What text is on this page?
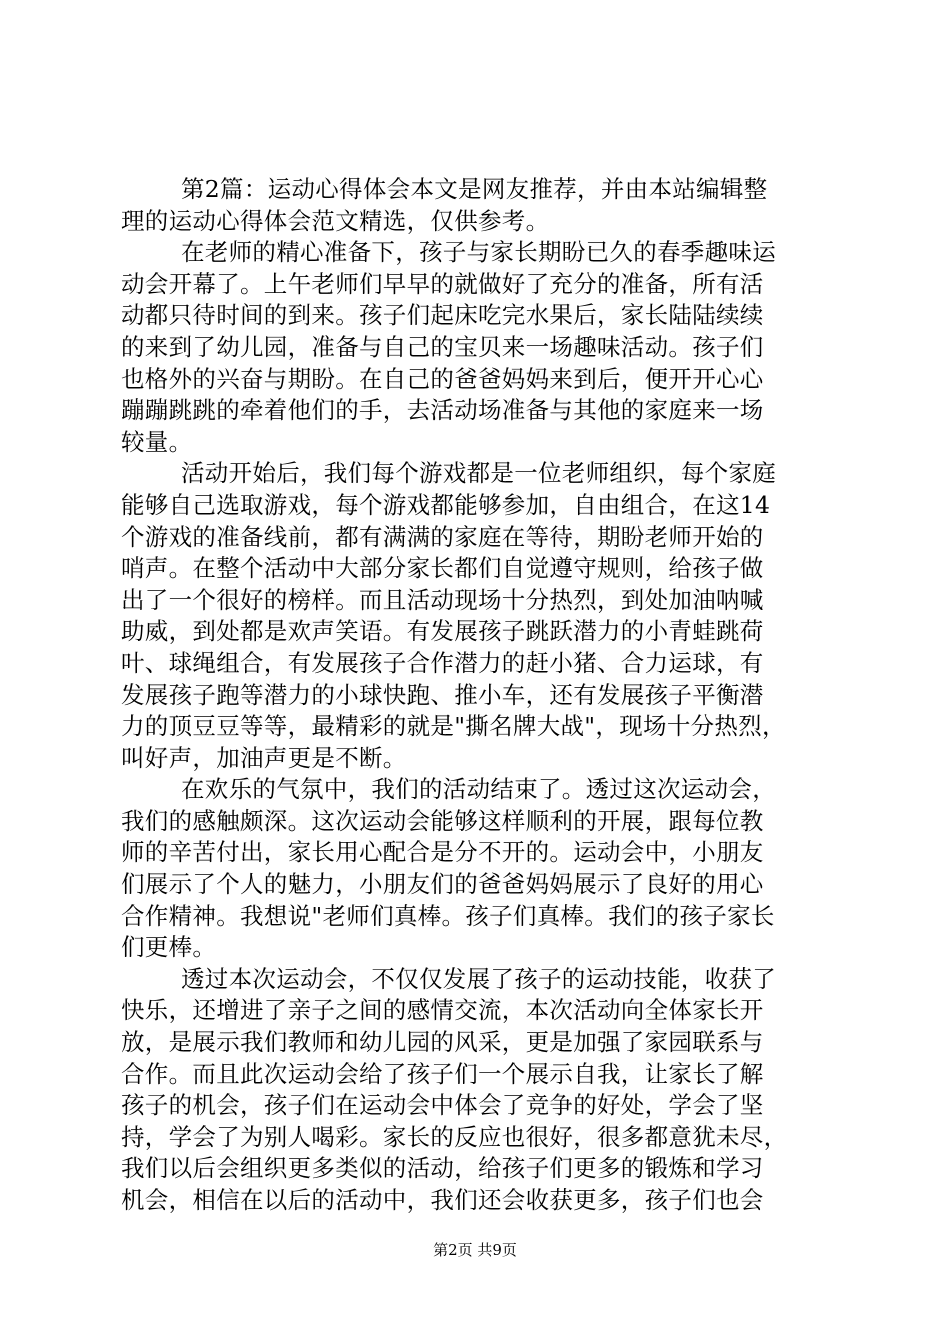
第2篇：运动心得体会本文是网友推荐，并由本站编辑整
理的运动心得体会范文精选，仅供参考。
在老师的精心准备下，孩子与家长期盼已久的春季趣味运
动会开幕了。上午老师们早早的就做好了充分的准备，所有活
动都只待时间的到来。孩子们起床吃完水果后，家长陆陆续续
的来到了幼儿园，准备与自己的宝贝来一场趣味活动。孩子们
也格外的兴奋与期盼。在自己的爸爸妈妈来到后，便开开心心
蹦蹦跳跳的牵着他们的手，去活动场准备与其他的家庭来一场
较量。
活动开始后，我们每个游戏都是一位老师组织，每个家庭
能够自己选取游戏，每个游戏都能够参加，自由组合，在这14
个游戏的准备线前，都有满满的家庭在等待，期盼老师开始的
哨声。在整个活动中大部分家长都们自觉遵守规则，给孩子做
出了一个很好的榜样。而且活动现场十分热烈，到处加油呐喊
助威，到处都是欢声笑语。有发展孩子跳跃潜力的小青蛙跳荷
叶、球绳组合，有发展孩子合作潜力的赶小猪、合力运球，有
发展孩子跑等潜力的小球快跑、推小车，还有发展孩子平衡潜
力的顶豆豆等等，最精彩的就是"撕名牌大战"，现场十分热烈，
叫好声，加油声更是不断。
在欢乐的气氛中，我们的活动结束了。透过这次运动会，
我们的感触颇深。这次运动会能够这样顺利的开展，跟每位教
师的辛苦付出，家长用心配合是分不开的。运动会中，小朋友
们展示了个人的魅力，小朋友们的爸爸妈妈展示了良好的用心
合作精神。我想说"老师们真棒。孩子们真棒。我们的孩子家长
们更棒。
透过本次运动会，不仅仅发展了孩子的运动技能，收获了
快乐，还增进了亲子之间的感情交流，本次活动向全体家长开
放，是展示我们教师和幼儿园的风采，更是加强了家园联系与
合作。而且此次运动会给了孩子们一个展示自我，让家长了解
孩子的机会，孩子们在运动会中体会了竞争的好处，学会了坚
持，学会了为别人喝彩。家长的反应也很好，很多都意犹未尽，
我们以后会组织更多类似的活动，给孩子们更多的锻炼和学习
机会，相信在以后的活动中，我们还会收获更多，孩子们也会
第2页 共9页
